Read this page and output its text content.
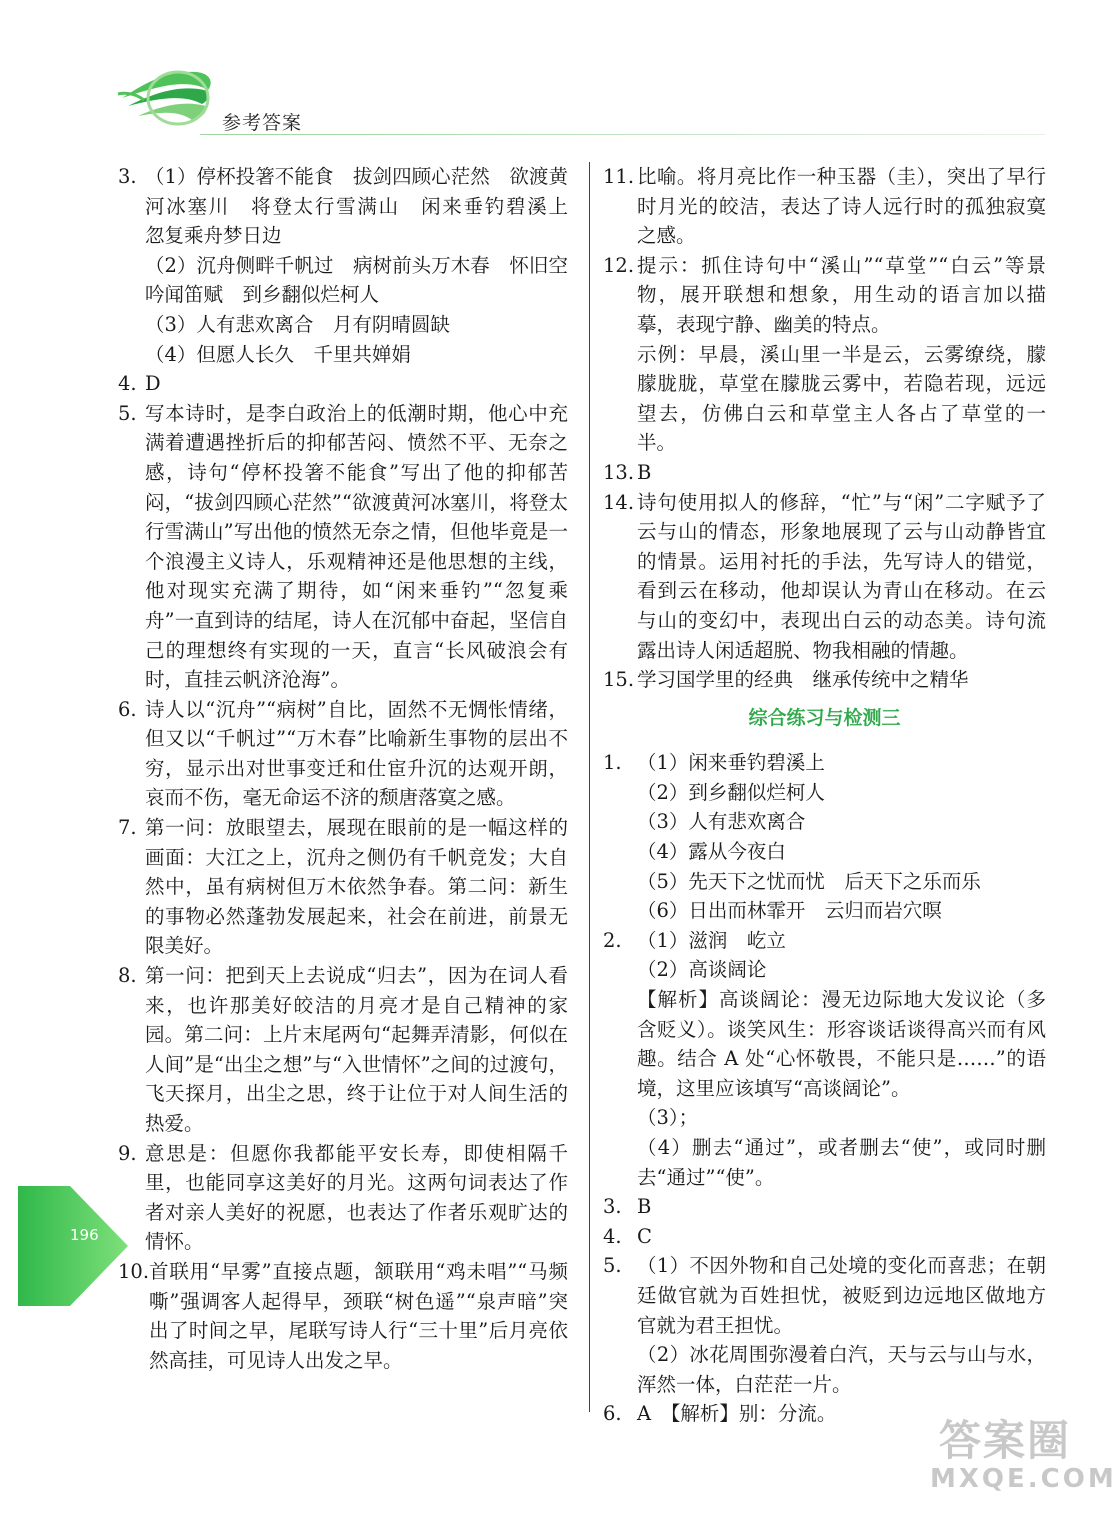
参考答案
3. （1）停杯投箸不能食　拔剑四顾心茫然　欲渡黄河冰塞川　将登太行雪满山　闲来垂钓碧溪上　忽复乘舟梦日边

（2）沉舟侧畔千帆过　病树前头万木春　怀旧空吟闻笛赋　到乡翻似烂柯人

（3）人有悲欢离合　月有阴晴圆缺

（4）但愿人长久　千里共婵娟

4. D

5. 写本诗时，是李白政治上的低潮时期，他心中充满着遭遇挫折后的抑郁苦闷、愤然不平、无奈之感，诗句“停杯投箸不能食”写出了他的抑郁苦闷，“拔剑四顾心茫然”“欲渡黄河冰塞川，将登太行雪满山”写出他的愤然无奈之情，但他毕竟是一个浪漫主义诗人，乐观精神还是他思想的主线，他对现实充满了期待，如“闲来垂钓”“忽复乘舟”一直到诗的结尾，诗人在沉郁中奋起，坚信自己的理想终有实现的一天，直言“长风破浪会有时，直挂云帆济沧海”。

6. 诗人以“沉舟”“病树”自比，固然不无惆怅情绪，但又以“千帆过”“万木春”比喻新生事物的层出不穷，显示出对世事变迁和仕宦升沉的达观开朗，哀而不伤，毫无命运不济的颓唐落寞之感。

7. 第一问：放眼望去，展现在眼前的是一幅这样的画面：大江之上，沉舟之侧仍有千帆竞发；大自然中，虽有病树但万木依然争春。第二问：新生的事物必然蓬勃发展起来，社会在前进，前景无限美好。

8. 第一问：把到天上去说成“归去”，因为在词人看来，也许那美好皎洁的月亮才是自己精神的家园。第二问：上片末尾两句“起舞弄清影，何似在人间”是“出尘之想”与“入世情怀”之间的过渡句，飞天探月，出尘之思，终于让位于对人间生活的热爱。

9. 意思是：但愿你我都能平安长寿，即使相隔千里，也能同享这美好的月光。这两句词表达了作者对亲人美好的祝愿，也表达了作者乐观旷达的情怀。

10. 首联用“早雾”直接点题，颔联用“鸡未唱”“马频嘶”强调客人起得早，颈联“树色遥”“泉声暗”突出了时间之早，尾联写诗人行“三十里”后月亮依然高挂，可见诗人出发之早。

11. 比喻。将月亮比作一种玉器（圭），突出了早行时月光的皎洁，表达了诗人远行时的孤独寂寞之感。

12. 提示：抓住诗句中“溪山”“草堂”“白云”等景物，展开联想和想象，用生动的语言加以描摹，表现宁静、幽美的特点。

示例：早晨，溪山里一半是云，云雾缭绕，朦朦胧胧，草堂在朦胧云雾中，若隐若现，远远望去，仿佛白云和草堂主人各占了草堂的一半。

13. B

14. 诗句使用拟人的修辞，“忙”与“闲”二字赋予了云与山的情态，形象地展现了云与山动静皆宜的情景。运用衬托的手法，先写诗人的错觉，看到云在移动，他却误认为青山在移动。在云与山的变幻中，表现出白云的动态美。诗句流露出诗人闲适超脱、物我相融的情趣。

15. 学习国学里的经典　继承传统中之精华

综合练习与检测三
1. （1）闲来垂钓碧溪上

（2）到乡翻似烂柯人

（3）人有悲欢离合

（4）露从今夜白

（5）先天下之忧而忧　后天下之乐而乐

（6）日出而林霏开　云归而岩穴暝

2. （1）滋润　屹立

（2）高谈阔论

【解析】高谈阔论：漫无边际地大发议论（多含贬义）。谈笑风生：形容谈话谈得高兴而有风趣。结合 A 处“心怀敬畏，不能只是……”的语境，这里应该填写“高谈阔论”。

（3）；

（4）删去“通过”，或者删去“使”，或同时删去“通过”“使”。

3. B

4. C

5. （1）不因外物和自己处境的变化而喜悲；在朝廷做官就为百姓担忧，被贬到边远地区做地方官就为君王担忧。

（2）冰花周围弥漫着白汽，天与云与山与水，浑然一体，白茫茫一片。

6. A　【解析】别：分流。

196
答案圈
MXQE.COM
